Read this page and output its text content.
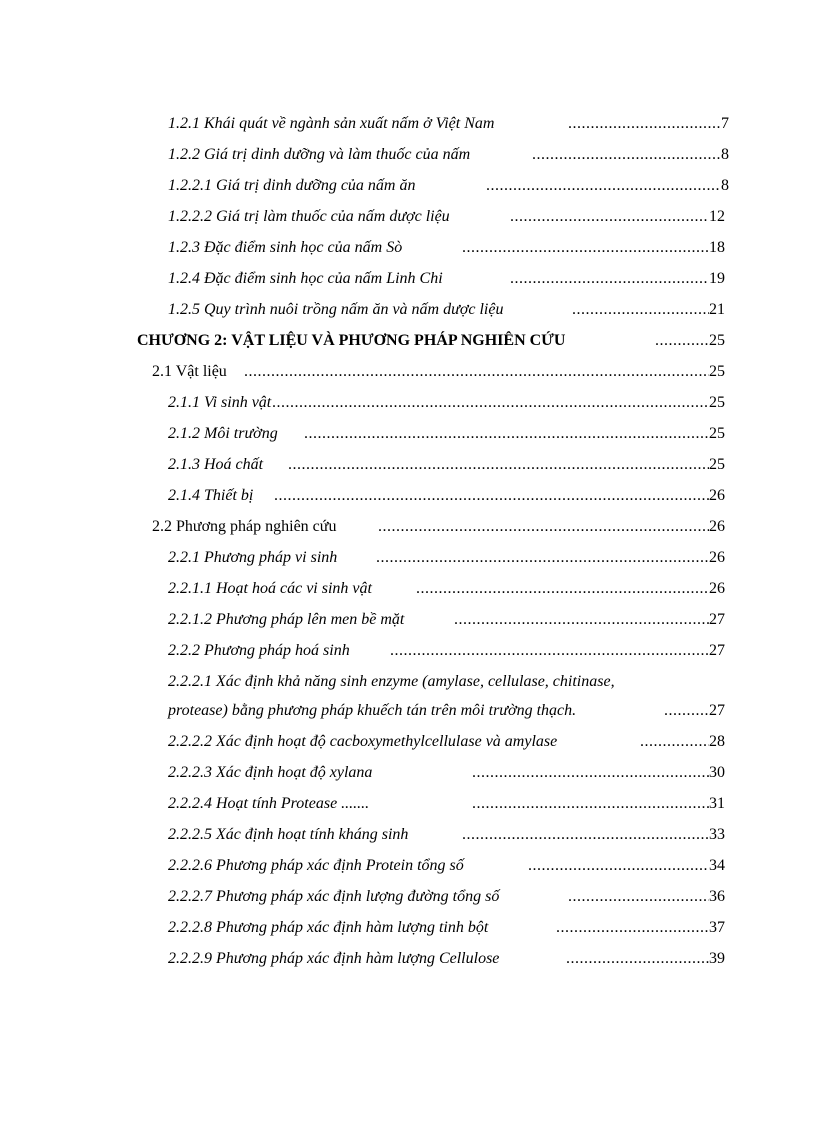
1.2.1 Khái quát về ngành sản xuất nấm ở Việt Nam .....	7
1.2.2 Giá trị dinh dưỡng và làm thuốc của nấm .....	8
1.2.2.1 Giá trị dinh dưỡng của nấm ăn .....	8
1.2.2.2 Giá trị làm thuốc của nấm dược liệu .....	12
1.2.3 Đặc điểm sinh học của nấm Sò .....	18
1.2.4 Đặc điểm sinh học của nấm Linh Chi .....	19
1.2.5 Quy trình nuôi trồng nấm ăn và nấm dược liệu .....	21
CHƯƠNG 2: VẬT LIỆU VÀ PHƯƠNG PHÁP NGHIÊN CỨU .....	25
2.1 Vật liệu .....	25
2.1.1 Vi sinh vật .....	25
2.1.2 Môi trường .....	25
2.1.3 Hoá chất .....	25
2.1.4 Thiết bị .....	26
2.2 Phương pháp nghiên cứu .....	26
2.2.1 Phương pháp vi sinh .....	26
2.2.1.1 Hoạt hoá các vi sinh vật .....	26
2.2.1.2 Phương pháp lên men bề mặt .....	27
2.2.2 Phương pháp hoá sinh .....	27
2.2.2.1 Xác định khả năng sinh enzyme (amylase, cellulase, chitinase,
protease) bằng phương pháp khuếch tán trên môi trường thạch. .....	27
2.2.2.2 Xác định hoạt độ cacboxymethylcellulase và amylase .....	28
2.2.2.3 Xác định hoạt độ xylana .....	30
2.2.2.4 Hoạt tính Protease ....... .....	31
2.2.2.5 Xác định hoạt tính kháng sinh .....	33
2.2.2.6 Phương pháp xác định Protein tổng số .....	34
2.2.2.7 Phương pháp xác định lượng đường tổng số .....	36
2.2.2.8 Phương pháp xác định hàm lượng tinh bột .....	37
2.2.2.9 Phương pháp xác định hàm lượng Cellulose .....	39
